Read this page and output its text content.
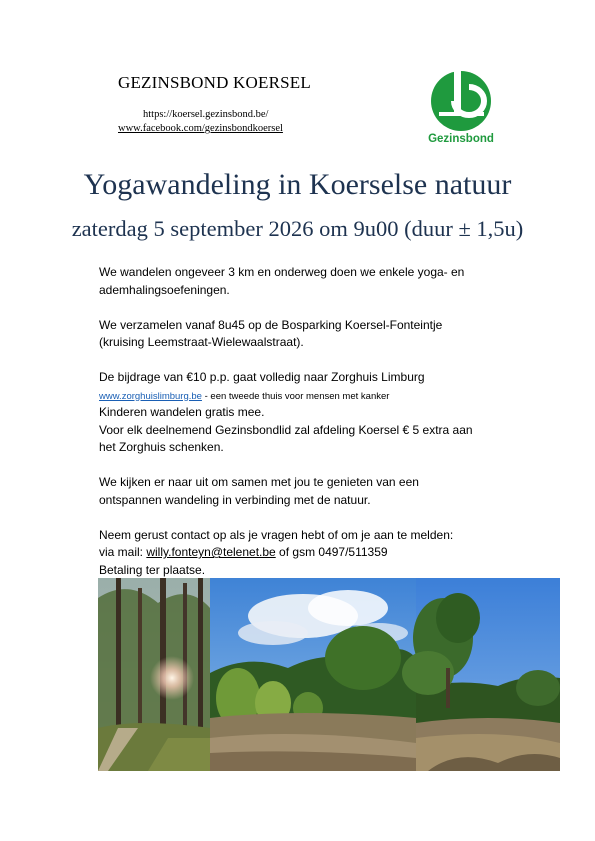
GEZINSBOND KOERSEL
https://koersel.gezinsbond.be/
www.facebook.com/gezinsbondkoersel
Gezinsbond
Yogawandeling in Koerselse natuur
zaterdag 5 september 2026 om 9u00 (duur ± 1,5u)

We wandelen ongeveer 3 km en onderweg doen we enkele yoga- en
ademhalingsoefeningen.

We verzamelen vanaf 8u45 op de Bosparking Koersel-Fonteintje
(kruising Leemstraat-Wielewaalstraat).

De bijdrage van €10 p.p. gaat volledig naar Zorghuis Limburg
www.zorghuislimburg.be - een tweede thuis voor mensen met kanker
Kinderen wandelen gratis mee.
Voor elk deelnemend Gezinsbondlid zal afdeling Koersel € 5 extra aan
het Zorghuis schenken.

We kijken er naar uit om samen met jou te genieten van een
ontspannen wandeling in verbinding met de natuur.

Neem gerust contact op als je vragen hebt of om je aan te melden:
via mail: willy.fonteyn@telenet.be of gsm 0497/511359
Betaling ter plaatse.
